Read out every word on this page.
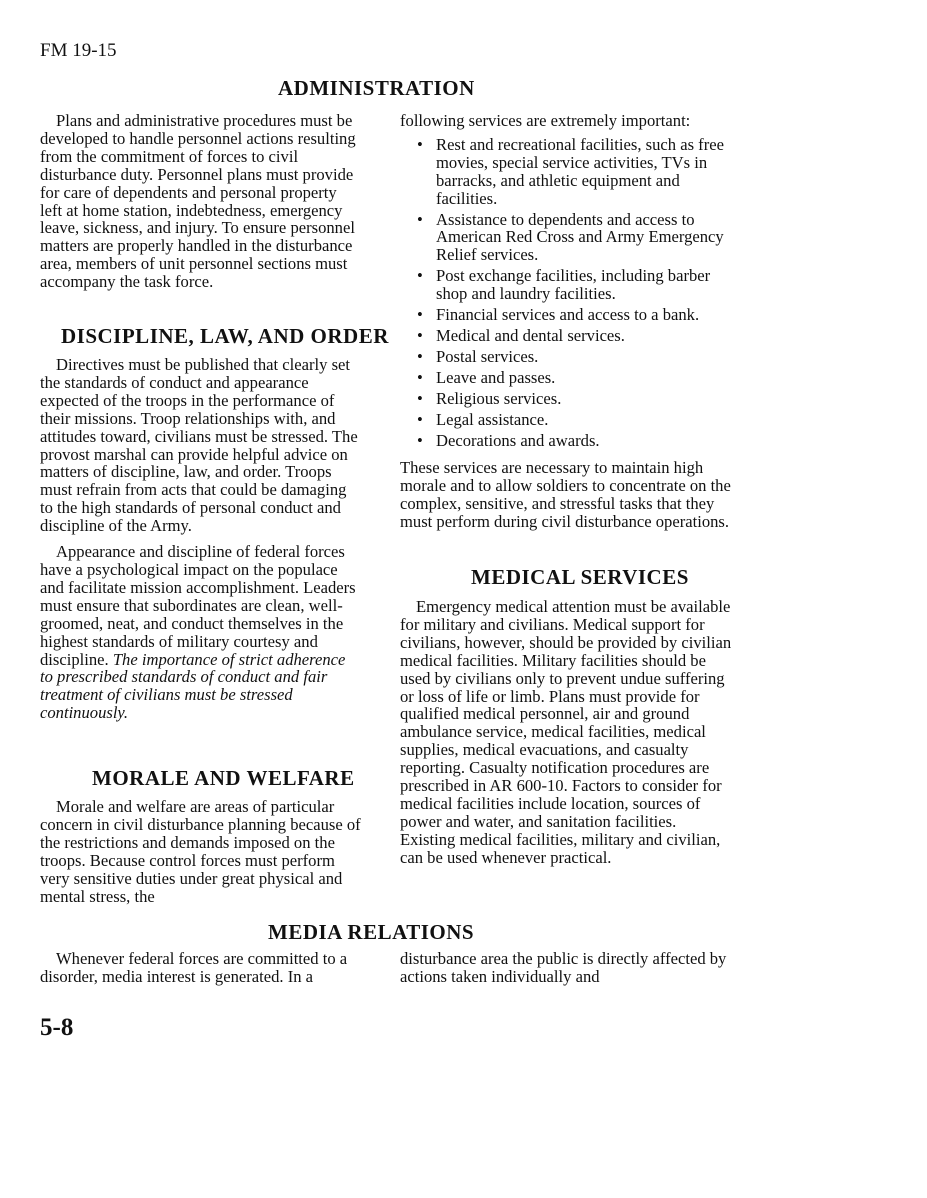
FM 19-15
ADMINISTRATION

Plans and administrative procedures must be developed to handle personnel actions resulting from the commitment of forces to civil disturbance duty. Personnel plans must provide for care of dependents and personal property left at home station, indebtedness, emergency leave, sickness, and injury. To ensure personnel matters are properly handled in the disturbance area, members of unit personnel sections must accompany the task force.

DISCIPLINE, LAW, AND ORDER

Directives must be published that clearly set the standards of conduct and appearance expected of the troops in the performance of their missions. Troop relationships with, and attitudes toward, civilians must be stressed. The provost marshal can provide helpful advice on matters of discipline, law, and order. Troops must refrain from acts that could be damaging to the high standards of personal conduct and discipline of the Army.

Appearance and discipline of federal forces have a psychological impact on the populace and facilitate mission accomplishment. Leaders must ensure that subordinates are clean, well-groomed, neat, and conduct themselves in the highest standards of military courtesy and discipline. The importance of strict adherence to prescribed standards of conduct and fair treatment of civilians must be stressed continuously.

MORALE AND WELFARE

Morale and welfare are areas of particular concern in civil disturbance planning because of the restrictions and demands imposed on the troops. Because control forces must perform very sensitive duties under great physical and mental stress, the

following services are extremely important:

• Rest and recreational facilities, such as free movies, special service activities, TVs in barracks, and athletic equipment and facilities.
• Assistance to dependents and access to American Red Cross and Army Emergency Relief services.
• Post exchange facilities, including barber shop and laundry facilities.
• Financial services and access to a bank.
• Medical and dental services.
• Postal services.
• Leave and passes.
• Religious services.
• Legal assistance.
• Decorations and awards.

These services are necessary to maintain high morale and to allow soldiers to concentrate on the complex, sensitive, and stressful tasks that they must perform during civil disturbance operations.

MEDICAL SERVICES

Emergency medical attention must be available for military and civilians. Medical support for civilians, however, should be provided by civilian medical facilities. Military facilities should be used by civilians only to prevent undue suffering or loss of life or limb. Plans must provide for qualified medical personnel, air and ground ambulance service, medical facilities, medical supplies, medical evacuations, and casualty reporting. Casualty notification procedures are prescribed in AR 600-10. Factors to consider for medical facilities include location, sources of power and water, and sanitation facilities. Existing medical facilities, military and civilian, can be used whenever practical.

MEDIA RELATIONS

Whenever federal forces are committed to a disorder, media interest is generated. In a

disturbance area the public is directly affected by actions taken individually and

5-8
